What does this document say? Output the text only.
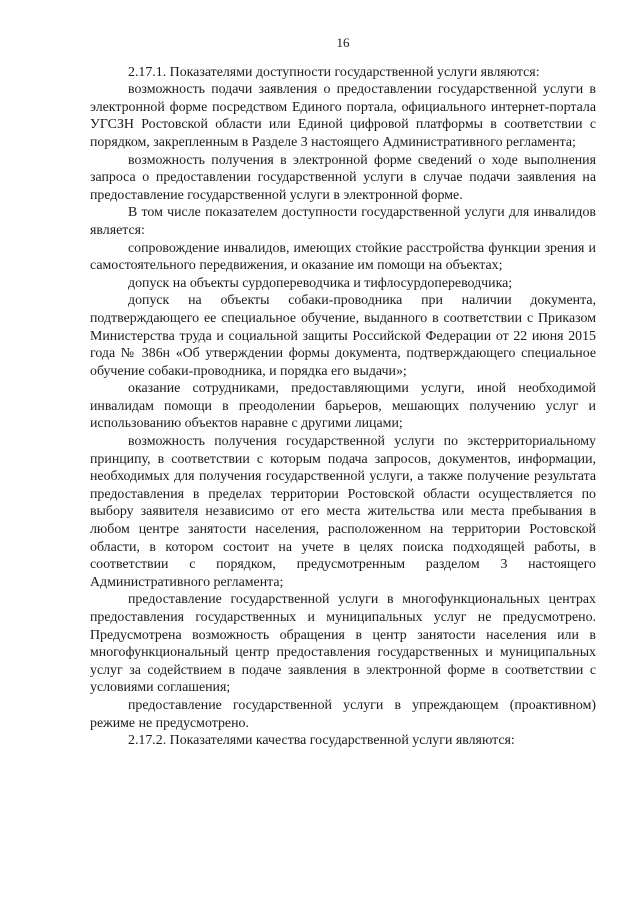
16

2.17.1. Показателями доступности государственной услуги являются:

возможность подачи заявления о предоставлении государственной услуги в электронной форме посредством Единого портала, официального интернет-портала УГСЗН Ростовской области или Единой цифровой платформы в соответствии с порядком, закрепленным в Разделе 3 настоящего Административного регламента;

возможность получения в электронной форме сведений о ходе выполнения запроса о предоставлении государственной услуги в случае подачи заявления на предоставление государственной услуги в электронной форме.

В том числе показателем доступности государственной услуги для инвалидов является:

сопровождение инвалидов, имеющих стойкие расстройства функции зрения и самостоятельного передвижения, и оказание им помощи на объектах;

допуск на объекты сурдопереводчика и тифлосурдопереводчика;

допуск на объекты собаки-проводника при наличии документа, подтверждающего ее специальное обучение, выданного в соответствии с Приказом Министерства труда и социальной защиты Российской Федерации от 22 июня 2015 года № 386н «Об утверждении формы документа, подтверждающего специальное обучение собаки-проводника, и порядка его выдачи»;

оказание сотрудниками, предоставляющими услуги, иной необходимой инвалидам помощи в преодолении барьеров, мешающих получению услуг и использованию объектов наравне с другими лицами;

возможность получения государственной услуги по экстерриториальному принципу, в соответствии с которым подача запросов, документов, информации, необходимых для получения государственной услуги, а также получение результата предоставления в пределах территории Ростовской области осуществляется по выбору заявителя независимо от его места жительства или места пребывания в любом центре занятости населения, расположенном на территории Ростовской области, в котором состоит на учете в целях поиска подходящей работы, в соответствии с порядком, предусмотренным разделом 3 настоящего Административного регламента;

предоставление государственной услуги в многофункциональных центрах предоставления государственных и муниципальных услуг не предусмотрено. Предусмотрена возможность обращения в центр занятости населения или в многофункциональный центр предоставления государственных и муниципальных услуг за содействием в подаче заявления в электронной форме в соответствии с условиями соглашения;

предоставление государственной услуги в упреждающем (проактивном) режиме не предусмотрено.

2.17.2. Показателями качества государственной услуги являются:
